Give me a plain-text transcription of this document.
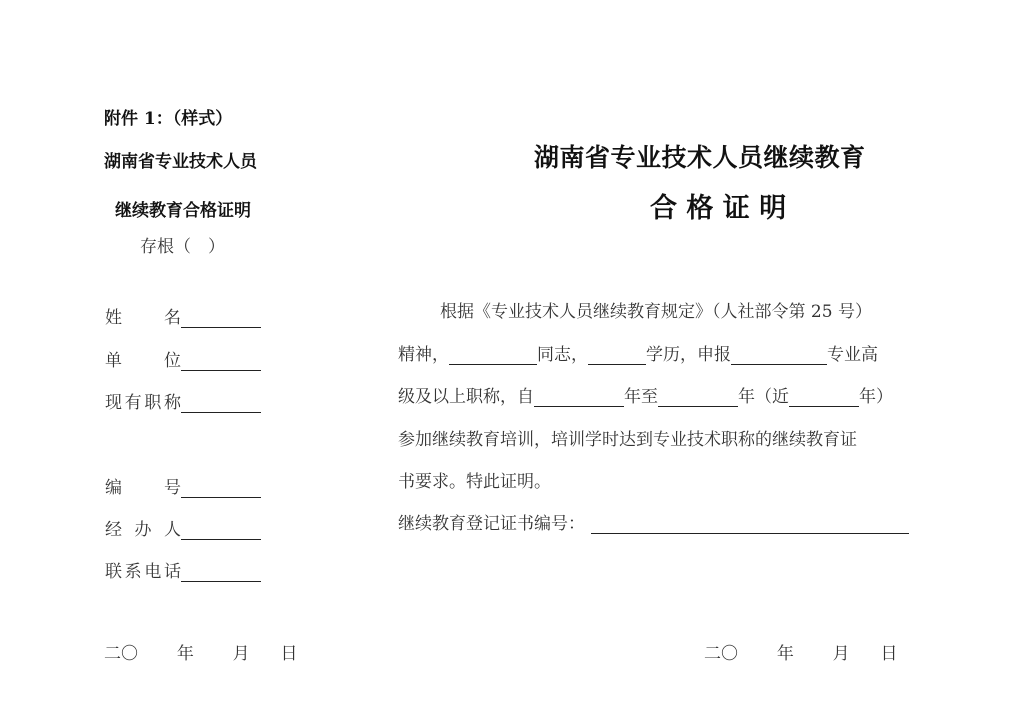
附件 1：（样式）
湖南省专业技术人员
继续教育合格证明
存根（　）
姓　　名
单　　位
现有职称
编　　号
经 办 人
联系电话
二〇 年 月 日
湖南省专业技术人员继续教育
合 格 证 明
根据《专业技术人员继续教育规定》（人社部令第 25 号）
精神，	同志，	学历，申报	专业高
级及以上职称，自	年至	年（近	年）
参加继续教育培训，培训学时达到专业技术职称的继续教育证
书要求。特此证明。
继续教育登记证书编号：
二〇 年 月 日
